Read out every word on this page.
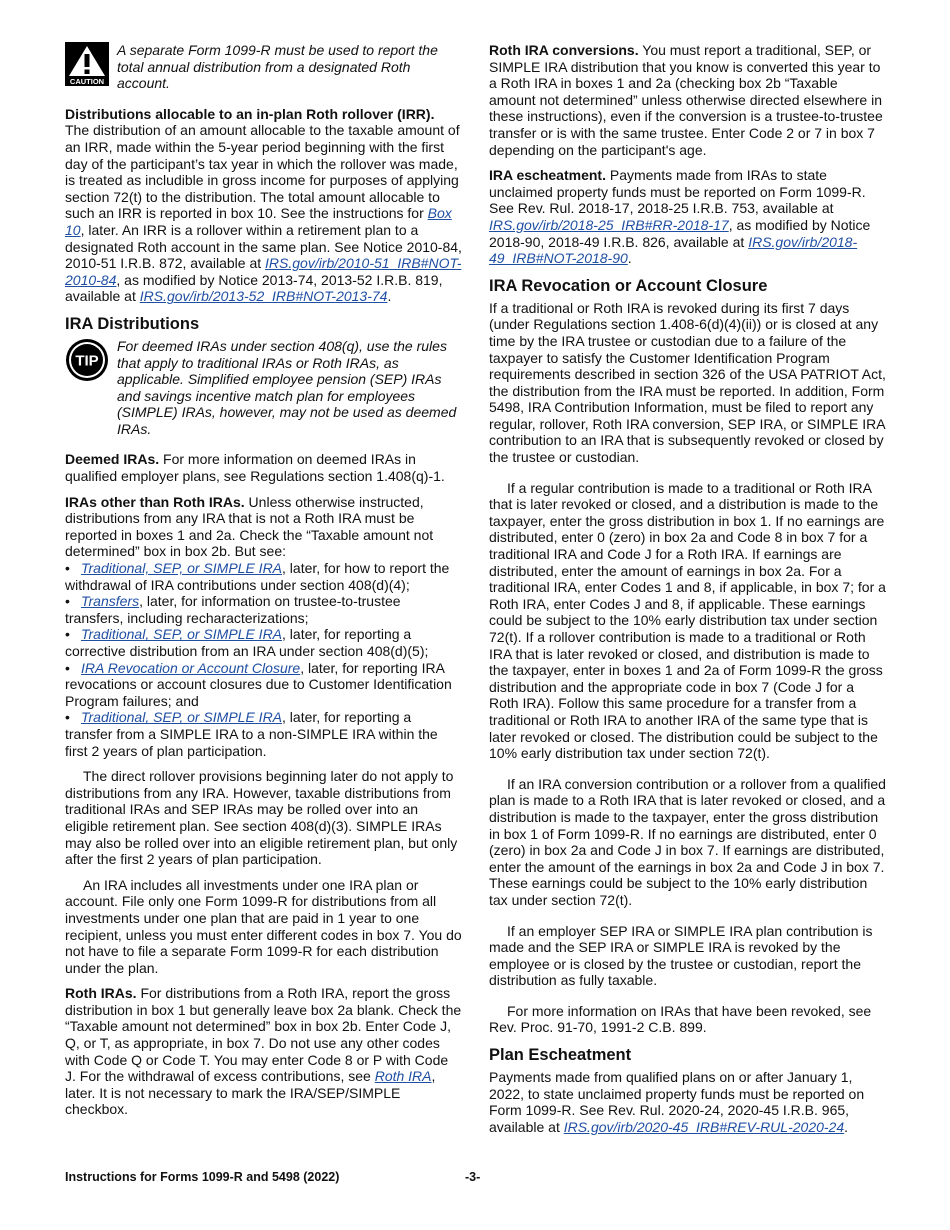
CAUTION
A separate Form 1099-R must be used to report the total annual distribution from a designated Roth account.

Distributions allocable to an in-plan Roth rollover (IRR). The distribution of an amount allocable to the taxable amount of an IRR, made within the 5-year period beginning with the first day of the participant’s tax year in which the rollover was made, is treated as includible in gross income for purposes of applying section 72(t) to the distribution. The total amount allocable to such an IRR is reported in box 10. See the instructions for Box 10, later. An IRR is a rollover within a retirement plan to a designated Roth account in the same plan. See Notice 2010-84, 2010-51 I.R.B. 872, available at IRS.gov/irb/2010-51_IRB#NOT-2010-84, as modified by Notice 2013-74, 2013-52 I.R.B. 819, available at IRS.gov/irb/2013-52_IRB#NOT-2013-74.

IRA Distributions
TIP
For deemed IRAs under section 408(q), use the rules that apply to traditional IRAs or Roth IRAs, as applicable. Simplified employee pension (SEP) IRAs and savings incentive match plan for employees (SIMPLE) IRAs, however, may not be used as deemed IRAs.

Deemed IRAs. For more information on deemed IRAs in qualified employer plans, see Regulations section 1.408(q)-1.

IRAs other than Roth IRAs. Unless otherwise instructed, distributions from any IRA that is not a Roth IRA must be reported in boxes 1 and 2a. Check the “Taxable amount not determined” box in box 2b. But see:

• Traditional, SEP, or SIMPLE IRA, later, for how to report the withdrawal of IRA contributions under section 408(d)(4);

• Transfers, later, for information on trustee-to-trustee transfers, including recharacterizations;

• Traditional, SEP, or SIMPLE IRA, later, for reporting a corrective distribution from an IRA under section 408(d)(5);

• IRA Revocation or Account Closure, later, for reporting IRA revocations or account closures due to Customer Identification Program failures; and

• Traditional, SEP, or SIMPLE IRA, later, for reporting a transfer from a SIMPLE IRA to a non-SIMPLE IRA within the first 2 years of plan participation.

The direct rollover provisions beginning later do not apply to distributions from any IRA. However, taxable distributions from traditional IRAs and SEP IRAs may be rolled over into an eligible retirement plan. See section 408(d)(3). SIMPLE IRAs may also be rolled over into an eligible retirement plan, but only after the first 2 years of plan participation.

An IRA includes all investments under one IRA plan or account. File only one Form 1099-R for distributions from all investments under one plan that are paid in 1 year to one recipient, unless you must enter different codes in box 7. You do not have to file a separate Form 1099-R for each distribution under the plan.

Roth IRAs. For distributions from a Roth IRA, report the gross distribution in box 1 but generally leave box 2a blank. Check the “Taxable amount not determined” box in box 2b. Enter Code J, Q, or T, as appropriate, in box 7. Do not use any other codes with Code Q or Code T. You may enter Code 8 or P with Code J. For the withdrawal of excess contributions, see Roth IRA, later. It is not necessary to mark the IRA/SEP/SIMPLE checkbox.

Roth IRA conversions. You must report a traditional, SEP, or SIMPLE IRA distribution that you know is converted this year to a Roth IRA in boxes 1 and 2a (checking box 2b “Taxable amount not determined” unless otherwise directed elsewhere in these instructions), even if the conversion is a trustee-to-trustee transfer or is with the same trustee. Enter Code 2 or 7 in box 7 depending on the participant's age.

IRA escheatment. Payments made from IRAs to state unclaimed property funds must be reported on Form 1099-R. See Rev. Rul. 2018-17, 2018-25 I.R.B. 753, available at IRS.gov/irb/2018-25_IRB#RR-2018-17, as modified by Notice 2018-90, 2018-49 I.R.B. 826, available at IRS.gov/irb/2018-49_IRB#NOT-2018-90.

IRA Revocation or Account Closure

If a traditional or Roth IRA is revoked during its first 7 days (under Regulations section 1.408-6(d)(4)(ii)) or is closed at any time by the IRA trustee or custodian due to a failure of the taxpayer to satisfy the Customer Identification Program requirements described in section 326 of the USA PATRIOT Act, the distribution from the IRA must be reported. In addition, Form 5498, IRA Contribution Information, must be filed to report any regular, rollover, Roth IRA conversion, SEP IRA, or SIMPLE IRA contribution to an IRA that is subsequently revoked or closed by the trustee or custodian.

If a regular contribution is made to a traditional or Roth IRA that is later revoked or closed, and a distribution is made to the taxpayer, enter the gross distribution in box 1. If no earnings are distributed, enter 0 (zero) in box 2a and Code 8 in box 7 for a traditional IRA and Code J for a Roth IRA. If earnings are distributed, enter the amount of earnings in box 2a. For a traditional IRA, enter Codes 1 and 8, if applicable, in box 7; for a Roth IRA, enter Codes J and 8, if applicable. These earnings could be subject to the 10% early distribution tax under section 72(t). If a rollover contribution is made to a traditional or Roth IRA that is later revoked or closed, and distribution is made to the taxpayer, enter in boxes 1 and 2a of Form 1099-R the gross distribution and the appropriate code in box 7 (Code J for a Roth IRA). Follow this same procedure for a transfer from a traditional or Roth IRA to another IRA of the same type that is later revoked or closed. The distribution could be subject to the 10% early distribution tax under section 72(t).

If an IRA conversion contribution or a rollover from a qualified plan is made to a Roth IRA that is later revoked or closed, and a distribution is made to the taxpayer, enter the gross distribution in box 1 of Form 1099-R. If no earnings are distributed, enter 0 (zero) in box 2a and Code J in box 7. If earnings are distributed, enter the amount of the earnings in box 2a and Code J in box 7. These earnings could be subject to the 10% early distribution tax under section 72(t).

If an employer SEP IRA or SIMPLE IRA plan contribution is made and the SEP IRA or SIMPLE IRA is revoked by the employee or is closed by the trustee or custodian, report the distribution as fully taxable.

For more information on IRAs that have been revoked, see Rev. Proc. 91-70, 1991-2 C.B. 899.

Plan Escheatment

Payments made from qualified plans on or after January 1, 2022, to state unclaimed property funds must be reported on Form 1099-R. See Rev. Rul. 2020-24, 2020-45 I.R.B. 965, available at IRS.gov/irb/2020-45_IRB#REV-RUL-2020-24.

Instructions for Forms 1099-R and 5498 (2022)	-3-
